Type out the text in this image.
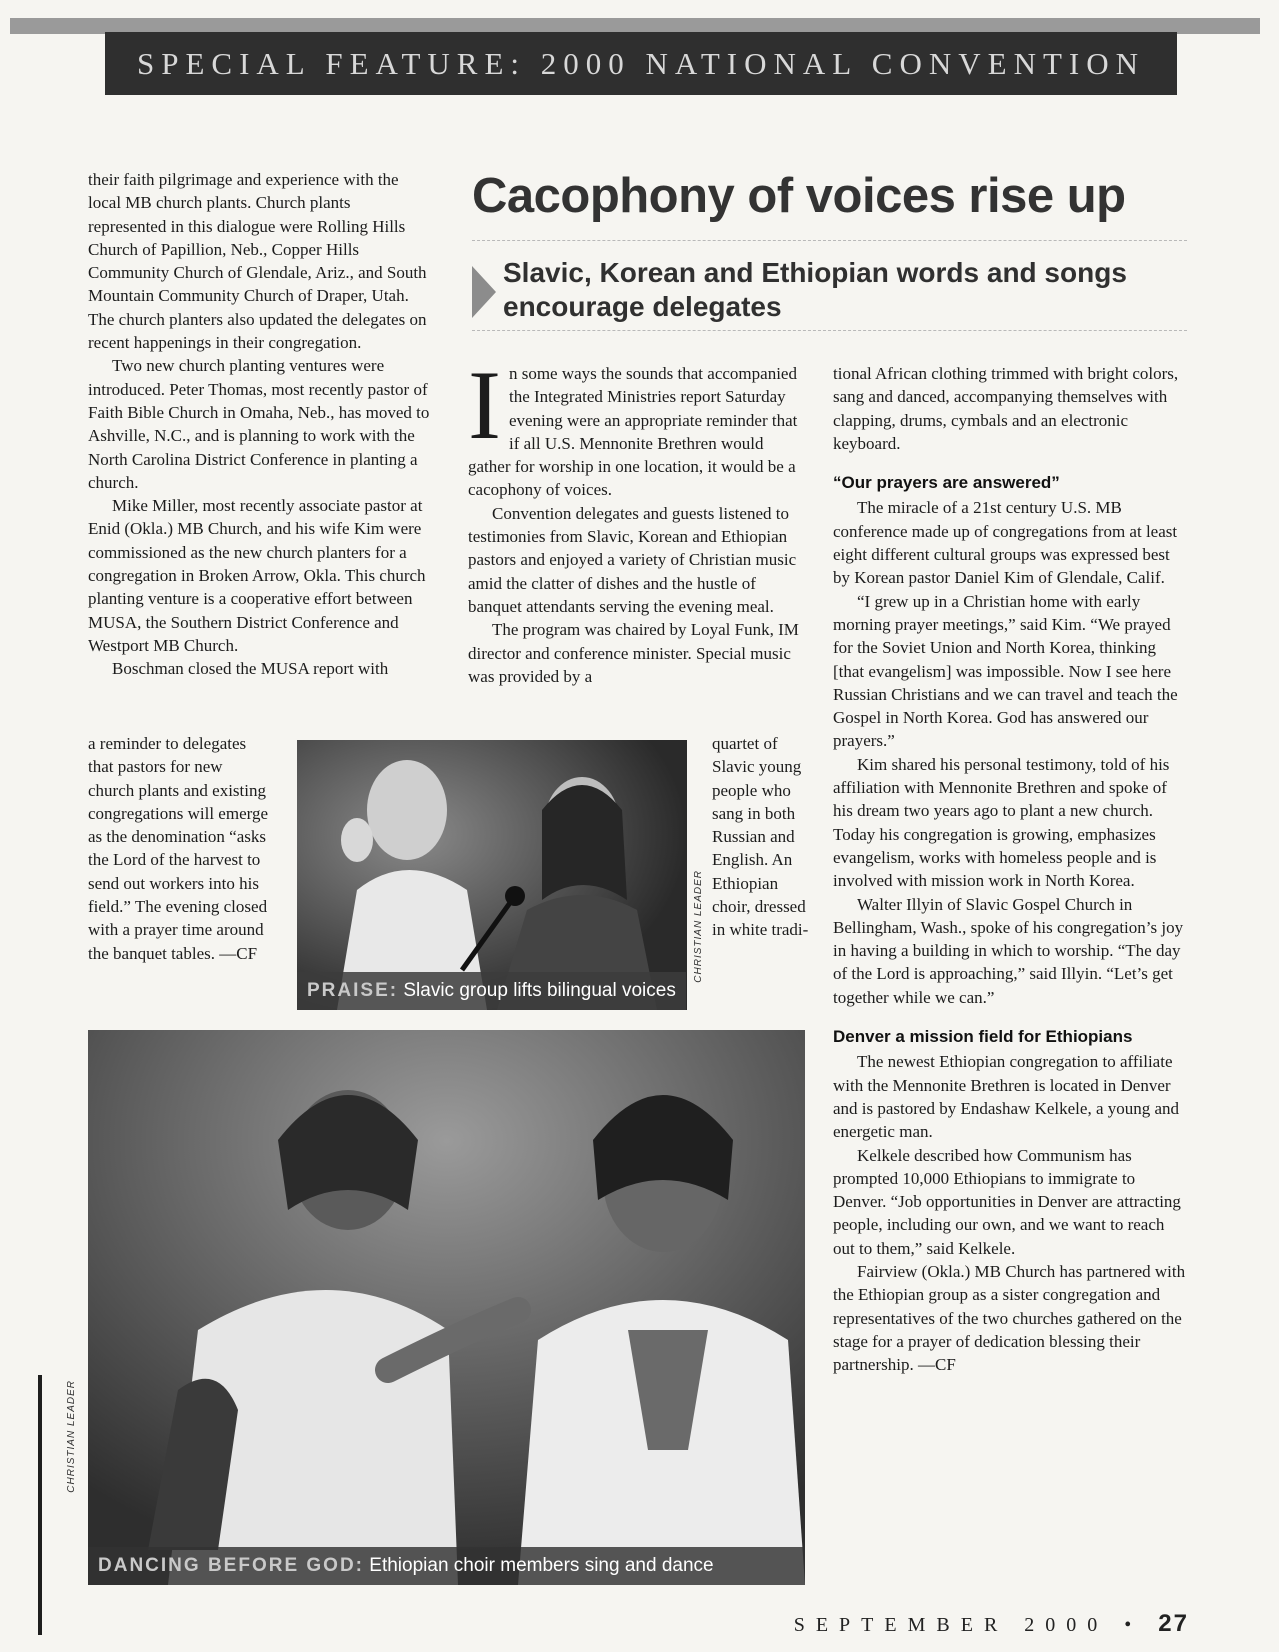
SPECIAL FEATURE: 2000 NATIONAL CONVENTION

their faith pilgrimage and experience with the local MB church plants. Church plants represented in this dialogue were Rolling Hills Church of Papillion, Neb., Copper Hills Community Church of Glendale, Ariz., and South Mountain Community Church of Draper, Utah. The church planters also updated the delegates on recent happenings in their congregation.

Two new church planting ventures were introduced. Peter Thomas, most recently pastor of Faith Bible Church in Omaha, Neb., has moved to Ashville, N.C., and is planning to work with the North Carolina District Conference in planting a church.

Mike Miller, most recently associate pastor at Enid (Okla.) MB Church, and his wife Kim were commissioned as the new church planters for a congregation in Broken Arrow, Okla. This church planting venture is a cooperative effort between MUSA, the Southern District Conference and Westport MB Church.

Boschman closed the MUSA report with

a reminder to delegates that pastors for new church plants and existing congregations will emerge as the denomination “asks the Lord of the harvest to send out workers into his field.” The evening closed with a prayer time around the banquet tables. —CF

Cacophony of voices rise up
Slavic, Korean and Ethiopian words and songs encourage delegates

In some ways the sounds that accompanied the Integrated Ministries report Saturday evening were an appropriate reminder that if all U.S. Mennonite Brethren would gather for worship in one location, it would be a cacophony of voices.

Convention delegates and guests listened to testimonies from Slavic, Korean and Ethiopian pastors and enjoyed a variety of Christian music amid the clatter of dishes and the hustle of banquet attendants serving the evening meal.

The program was chaired by Loyal Funk, IM director and conference minister. Special music was provided by a

quartet of Slavic young people who sang in both Russian and English. An Ethiopian choir, dressed in white tradi-

tional African clothing trimmed with bright colors, sang and danced, accompanying themselves with clapping, drums, cymbals and an electronic keyboard.

“Our prayers are answered”

The miracle of a 21st century U.S. MB conference made up of congregations from at least eight different cultural groups was expressed best by Korean pastor Daniel Kim of Glendale, Calif.

“I grew up in a Christian home with early morning prayer meetings,” said Kim. “We prayed for the Soviet Union and North Korea, thinking [that evangelism] was impossible. Now I see here Russian Christians and we can travel and teach the Gospel in North Korea. God has answered our prayers.”

Kim shared his personal testimony, told of his affiliation with Mennonite Brethren and spoke of his dream two years ago to plant a new church. Today his congregation is growing, emphasizes evangelism, works with homeless people and is involved with mission work in North Korea.

Walter Illyin of Slavic Gospel Church in Bellingham, Wash., spoke of his congregation’s joy in having a building in which to worship. “The day of the Lord is approaching,” said Illyin. “Let’s get together while we can.”

Denver a mission field for Ethiopians

The newest Ethiopian congregation to affiliate with the Mennonite Brethren is located in Denver and is pastored by Endashaw Kelkele, a young and energetic man.

Kelkele described how Communism has prompted 10,000 Ethiopians to immigrate to Denver. “Job opportunities in Denver are attracting people, including our own, and we want to reach out to them,” said Kelkele.

Fairview (Okla.) MB Church has partnered with the Ethiopian group as a sister congregation and representatives of the two churches gathered on the stage for a prayer of dedication blessing their partnership. —CF

PRAISE: Slavic group lifts bilingual voices
CHRISTIAN LEADER
DANCING BEFORE GOD: Ethiopian choir members sing and dance
CHRISTIAN LEADER
SEPTEMBER 2000 • 27
